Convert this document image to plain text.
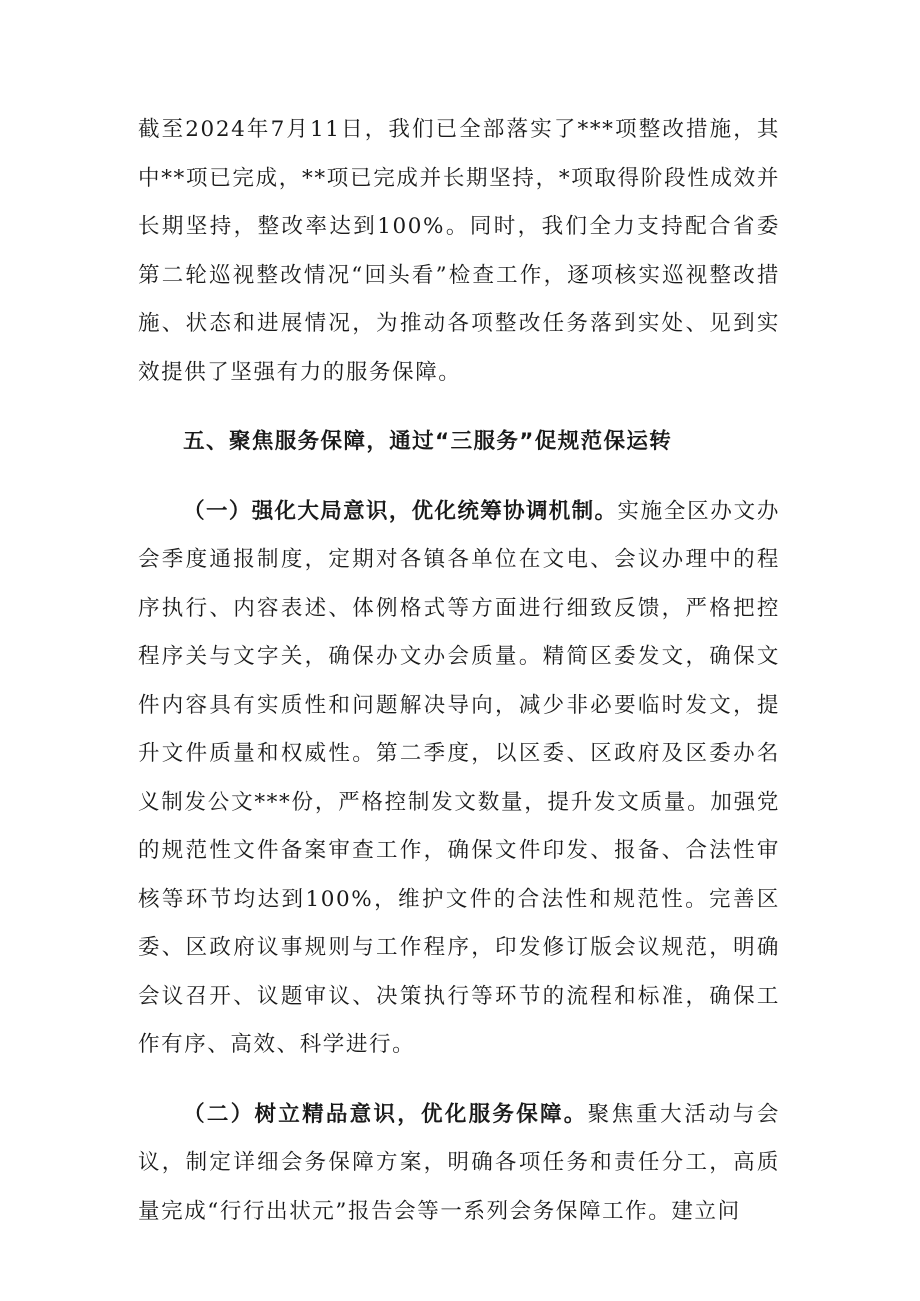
截至2024年7月11日，我们已全部落实了***项整改措施，其中**项已完成，**项已完成并长期坚持，*项取得阶段性成效并长期坚持，整改率达到100%。同时，我们全力支持配合省委第二轮巡视整改情况“回头看”检查工作，逐项核实巡视整改措施、状态和进展情况，为推动各项整改任务落到实处、见到实效提供了坚强有力的服务保障。

五、聚焦服务保障，通过“三服务”促规范保运转

（一）强化大局意识，优化统筹协调机制。实施全区办文办会季度通报制度，定期对各镇各单位在文电、会议办理中的程序执行、内容表述、体例格式等方面进行细致反馈，严格把控程序关与文字关，确保办文办会质量。精简区委发文，确保文件内容具有实质性和问题解决导向，减少非必要临时发文，提升文件质量和权威性。第二季度，以区委、区政府及区委办名义制发公文***份，严格控制发文数量，提升发文质量。加强党的规范性文件备案审查工作，确保文件印发、报备、合法性审核等环节均达到100%，维护文件的合法性和规范性。完善区委、区政府议事规则与工作程序，印发修订版会议规范，明确会议召开、议题审议、决策执行等环节的流程和标准，确保工作有序、高效、科学进行。

（二）树立精品意识，优化服务保障。聚焦重大活动与会议，制定详细会务保障方案，明确各项任务和责任分工，高质量完成“行行出状元”报告会等一系列会务保障工作。建立问
